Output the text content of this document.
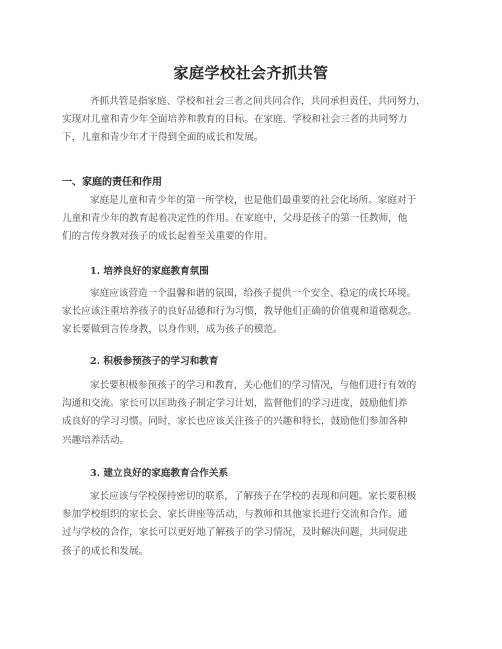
家庭学校社会齐抓共管

齐抓共管是指家庭、学校和社会三者之间共同合作，共同承担责任，共同努力，
实现对儿童和青少年全面培养和教育的目标。在家庭、学校和社会三者的共同努力
下，儿童和青少年才干得到全面的成长和发展。

一、家庭的责任和作用

家庭是儿童和青少年的第一所学校，也是他们最重要的社会化场所。家庭对于
儿童和青少年的教育起着决定性的作用。在家庭中，父母是孩子的第一任教师，他
们的言传身教对孩子的成长起着至关重要的作用。

1. 培养良好的家庭教育氛围

家庭应该营造一个温馨和谐的氛围，给孩子提供一个安全、稳定的成长环境。
家长应该注重培养孩子的良好品德和行为习惯，教导他们正确的价值观和道德观念。
家长要做到言传身教，以身作则，成为孩子的模范。

2. 积极参预孩子的学习和教育

家长要积极参预孩子的学习和教育，关心他们的学习情况，与他们进行有效的
沟通和交流。家长可以匡助孩子制定学习计划，监督他们的学习进度，鼓励他们养
成良好的学习习惯。同时，家长也应该关注孩子的兴趣和特长，鼓励他们参加各种
兴趣培养活动。

3. 建立良好的家庭教育合作关系

家长应该与学校保持密切的联系，了解孩子在学校的表现和问题。家长要积极
参加学校组织的家长会、家长讲座等活动，与教师和其他家长进行交流和合作。通
过与学校的合作，家长可以更好地了解孩子的学习情况，及时解决问题，共同促进
孩子的成长和发展。
